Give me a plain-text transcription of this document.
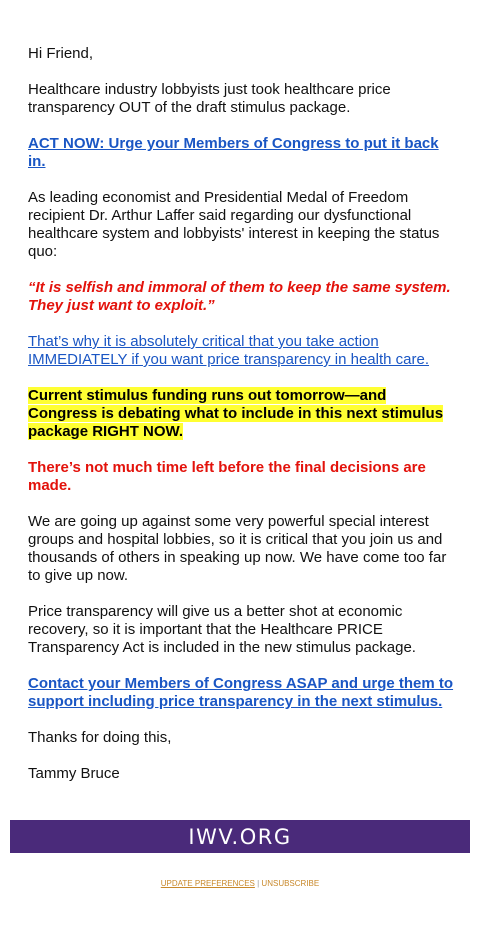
Hi Friend,

Healthcare industry lobbyists just took healthcare price transparency OUT of the draft stimulus package.

ACT NOW: Urge your Members of Congress to put it back in.

As leading economist and Presidential Medal of Freedom recipient Dr. Arthur Laffer said regarding our dysfunctional healthcare system and lobbyists' interest in keeping the status quo:

“It is selfish and immoral of them to keep the same system. They just want to exploit.”

That’s why it is absolutely critical that you take action IMMEDIATELY if you want price transparency in health care.

Current stimulus funding runs out tomorrow—and Congress is debating what to include in this next stimulus package RIGHT NOW.

There’s not much time left before the final decisions are made.

We are going up against some very powerful special interest groups and hospital lobbies, so it is critical that you join us and thousands of others in speaking up now. We have come too far to give up now.

Price transparency will give us a better shot at economic recovery, so it is important that the Healthcare PRICE Transparency Act is included in the new stimulus package.

Contact your Members of Congress ASAP and urge them to support including price transparency in the next stimulus.

Thanks for doing this,

Tammy Bruce

IWV.ORG
UPDATE PREFERENCES | UNSUBSCRIBE
